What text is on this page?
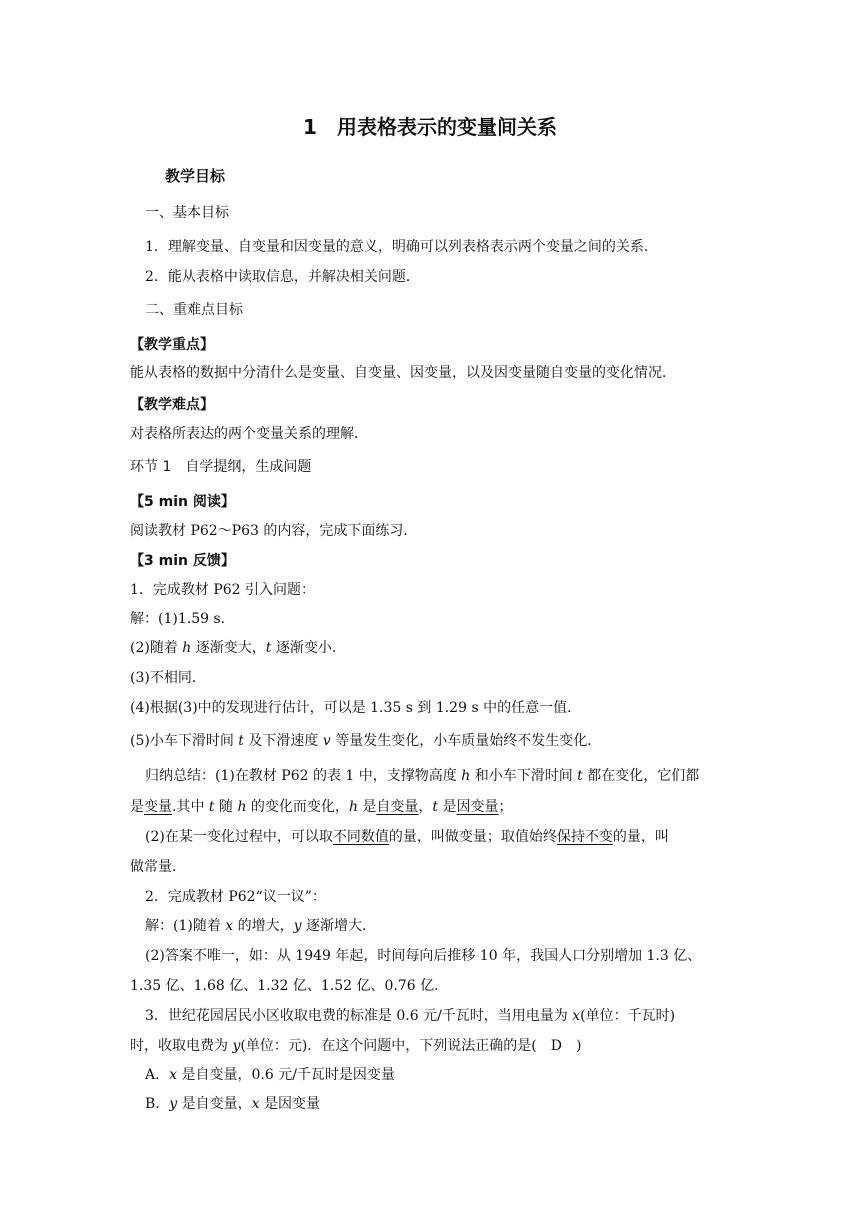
1　用表格表示的变量间关系
教学目标
一、基本目标
1．理解变量、自变量和因变量的意义，明确可以列表格表示两个变量之间的关系．
2．能从表格中读取信息，并解决相关问题．
二、重难点目标
【教学重点】
能从表格的数据中分清什么是变量、自变量、因变量，以及因变量随自变量的变化情况．
【教学难点】
对表格所表达的两个变量关系的理解．
环节 1　自学提纲，生成问题
【5 min 阅读】
阅读教材 P62～P63 的内容，完成下面练习．
【3 min 反馈】
1．完成教材 P62 引入问题：
解：(1)1.59 s.
(2)随着 h 逐渐变大，t 逐渐变小．
(3)不相同．
(4)根据(3)中的发现进行估计，可以是 1.35 s 到 1.29 s 中的任意一值．
(5)小车下滑时间 t 及下滑速度 v 等量发生变化，小车质量始终不发生变化．
归纳总结：(1)在教材 P62 的表 1 中，支撑物高度 h 和小车下滑时间 t 都在变化，它们都
是变量.其中 t 随 h 的变化而变化，h 是自变量，t 是因变量；
(2)在某一变化过程中，可以取不同数值的量，叫做变量；取值始终保持不变的量，叫
做常量．
2．完成教材 P62“议一议”：
解：(1)随着 x 的增大，y 逐渐增大．
(2)答案不唯一，如：从 1949 年起，时间每向后推移 10 年，我国人口分别增加 1.3 亿、
1.35 亿、1.68 亿、1.32 亿、1.52 亿、0.76 亿．
3．世纪花园居民小区收取电费的标准是 0.6 元/千瓦时，当用电量为 x(单位：千瓦时)
时，收取电费为 y(单位：元)．在这个问题中，下列说法正确的是(　D　)
A．x 是自变量，0.6 元/千瓦时是因变量
B．y 是自变量，x 是因变量
